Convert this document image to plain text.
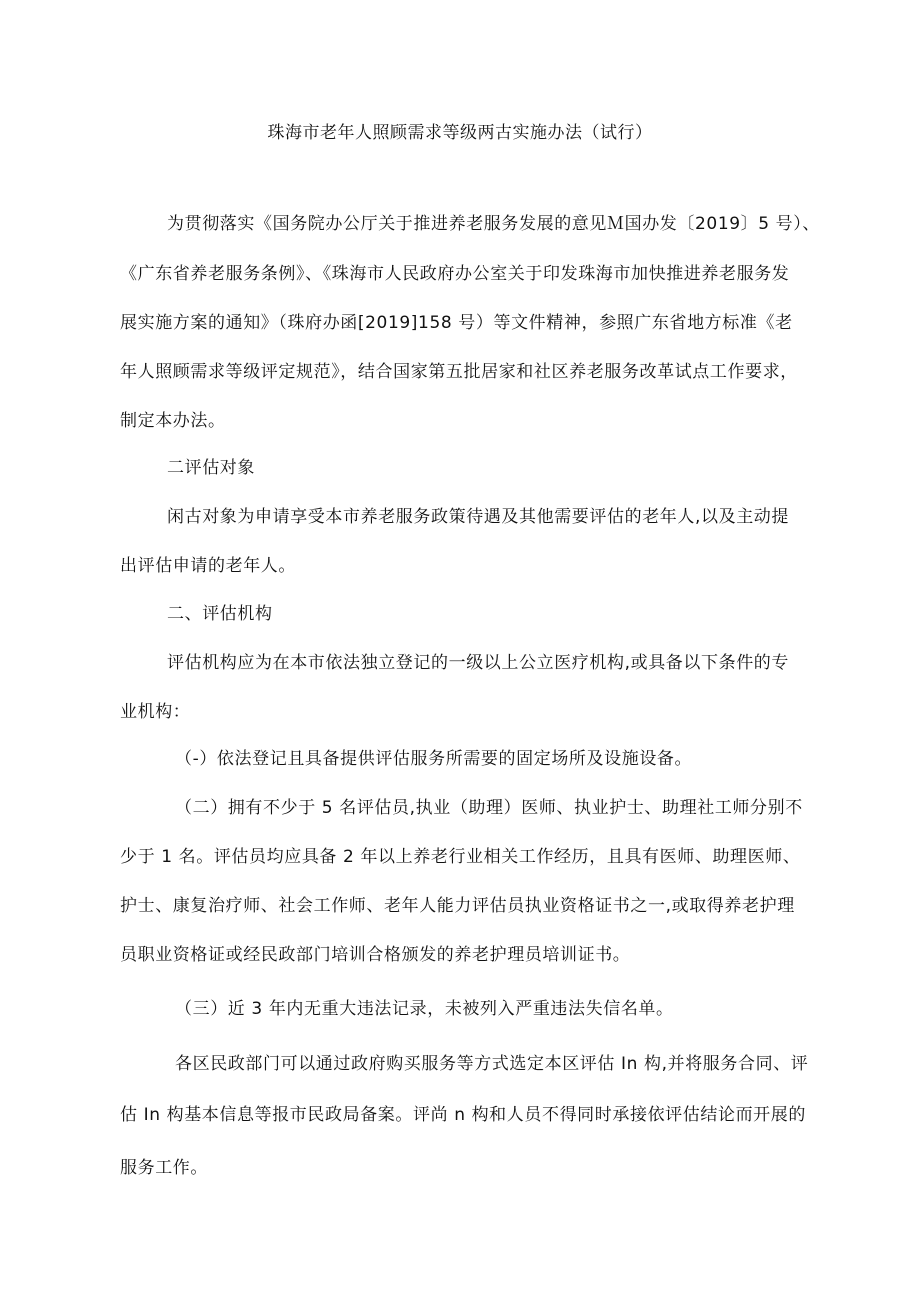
珠海市老年人照顾需求等级两古实施办法（试行）
为贯彻落实《国务院办公厅关于推进养老服务发展的意见Ｍ国办发〔2019〕5 号）、
《广东省养老服务条例》、《珠海市人民政府办公室关于印发珠海市加快推进养老服务发
展实施方案的通知》（珠府办函[2019]158 号）等文件精神，参照广东省地方标准《老
年人照顾需求等级评定规范》，结合国家第五批居家和社区养老服务改革试点工作要求，
制定本办法。
二评估对象
闲古对象为申请享受本市养老服务政策待遇及其他需要评估的老年人,以及主动提
出评估申请的老年人。
二、评估机构
评估机构应为在本市依法独立登记的一级以上公立医疗机构,或具备以下条件的专
业机构：
（-）依法登记且具备提供评估服务所需要的固定场所及设施设备。
（二）拥有不少于 5 名评估员,执业（助理）医师、执业护士、助理社工师分别不
少于 1 名。评估员均应具备 2 年以上养老行业相关工作经历，且具有医师、助理医师、
护士、康复治疗师、社会工作师、老年人能力评估员执业资格证书之一,或取得养老护理
员职业资格证或经民政部门培训合格颁发的养老护理员培训证书。
（三）近 3 年内无重大违法记录，未被列入严重违法失信名单。
各区民政部门可以通过政府购买服务等方式选定本区评估 In 构,并将服务合同、评
估 In 构基本信息等报市民政局备案。评尚 n 构和人员不得同时承接依评估结论而开展的
服务工作。
